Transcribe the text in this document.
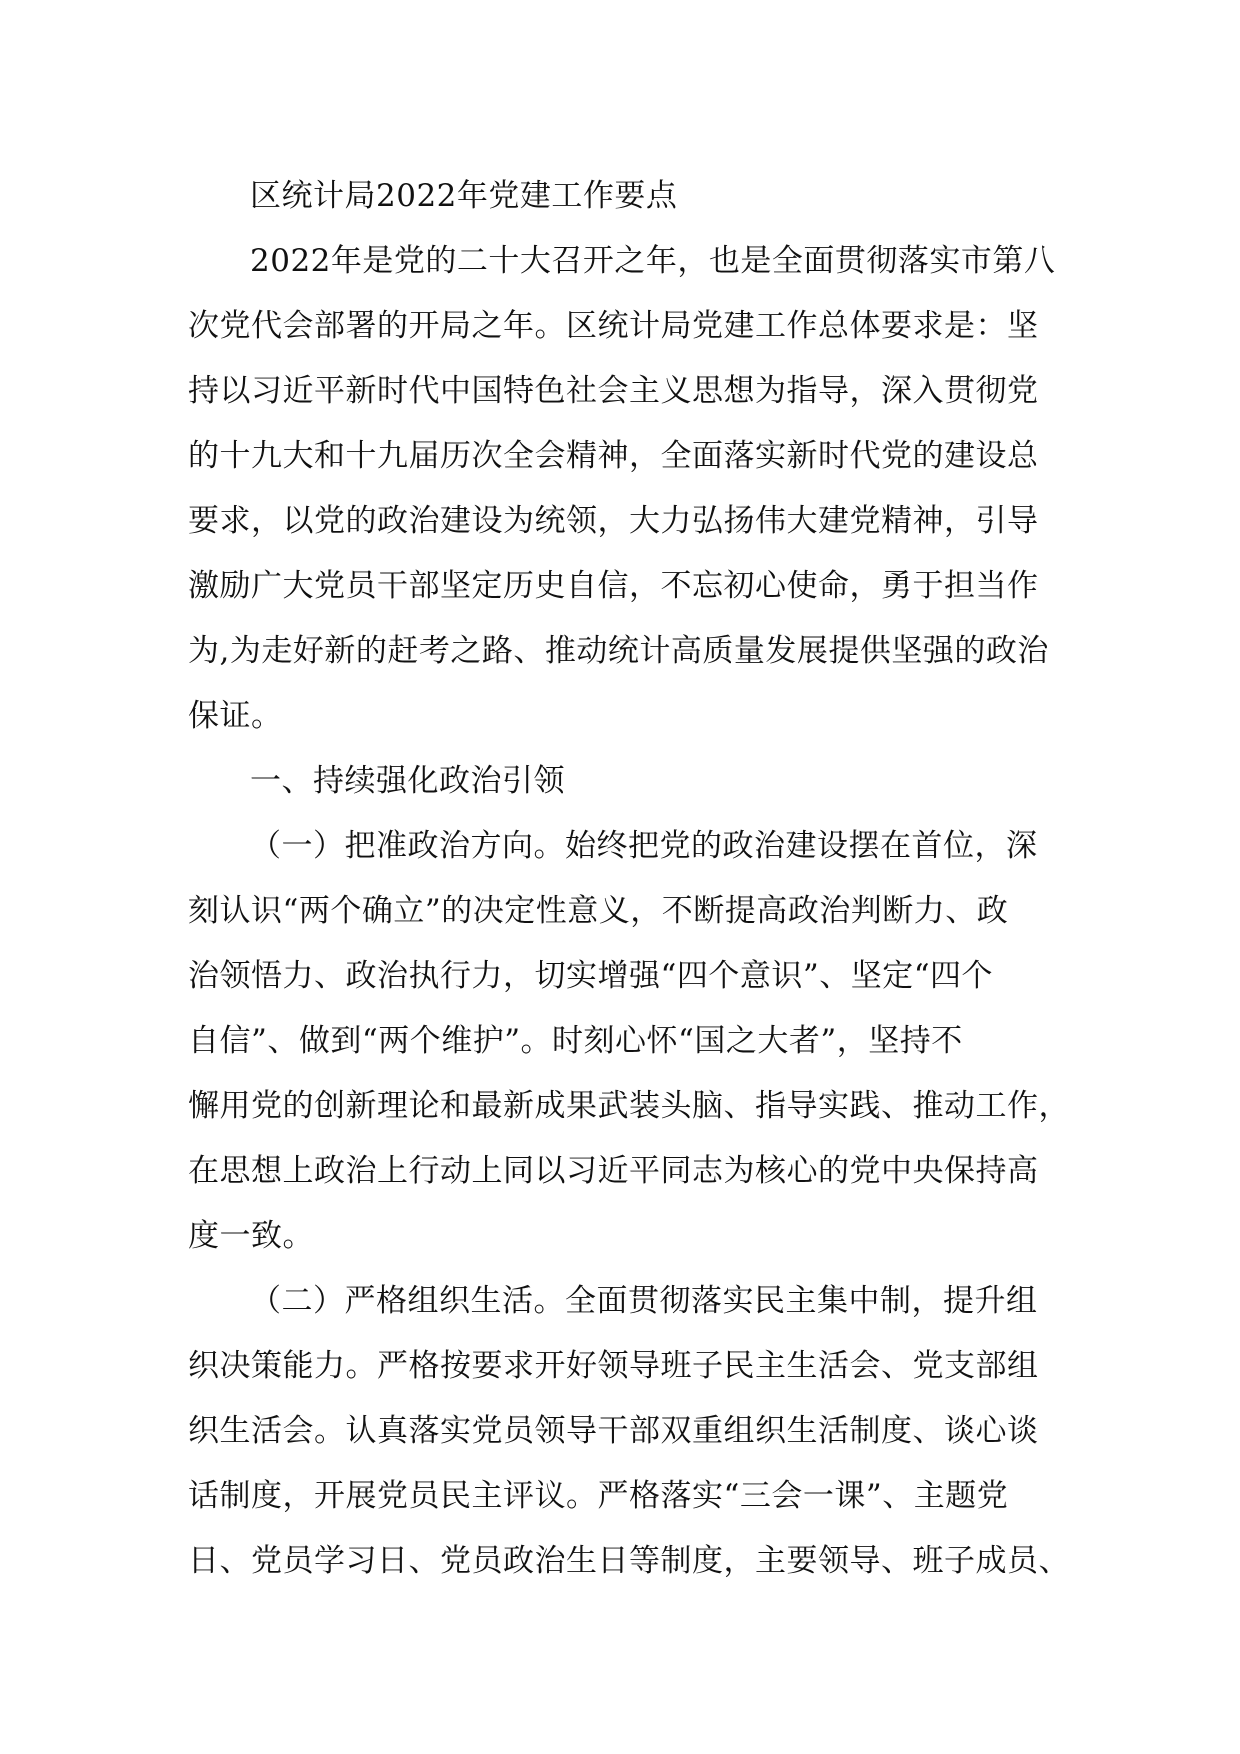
区统计局2022年党建工作要点
2022年是党的二十大召开之年，也是全面贯彻落实市第八
次党代会部署的开局之年。区统计局党建工作总体要求是：坚
持以习近平新时代中国特色社会主义思想为指导，深入贯彻党
的十九大和十九届历次全会精神，全面落实新时代党的建设总
要求，以党的政治建设为统领，大力弘扬伟大建党精神，引导
激励广大党员干部坚定历史自信，不忘初心使命，勇于担当作
为,为走好新的赶考之路、推动统计高质量发展提供坚强的政治
保证。
一、持续强化政治引领
（一）把准政治方向。始终把党的政治建设摆在首位，深
刻认识“两个确立”的决定性意义，不断提高政治判断力、政
治领悟力、政治执行力，切实增强“四个意识”、坚定“四个
自信”、做到“两个维护”。时刻心怀“国之大者”，坚持不
懈用党的创新理论和最新成果武装头脑、指导实践、推动工作，
在思想上政治上行动上同以习近平同志为核心的党中央保持高
度一致。
（二）严格组织生活。全面贯彻落实民主集中制，提升组
织决策能力。严格按要求开好领导班子民主生活会、党支部组
织生活会。认真落实党员领导干部双重组织生活制度、谈心谈
话制度，开展党员民主评议。严格落实“三会一课”、主题党
日、党员学习日、党员政治生日等制度，主要领导、班子成员、
